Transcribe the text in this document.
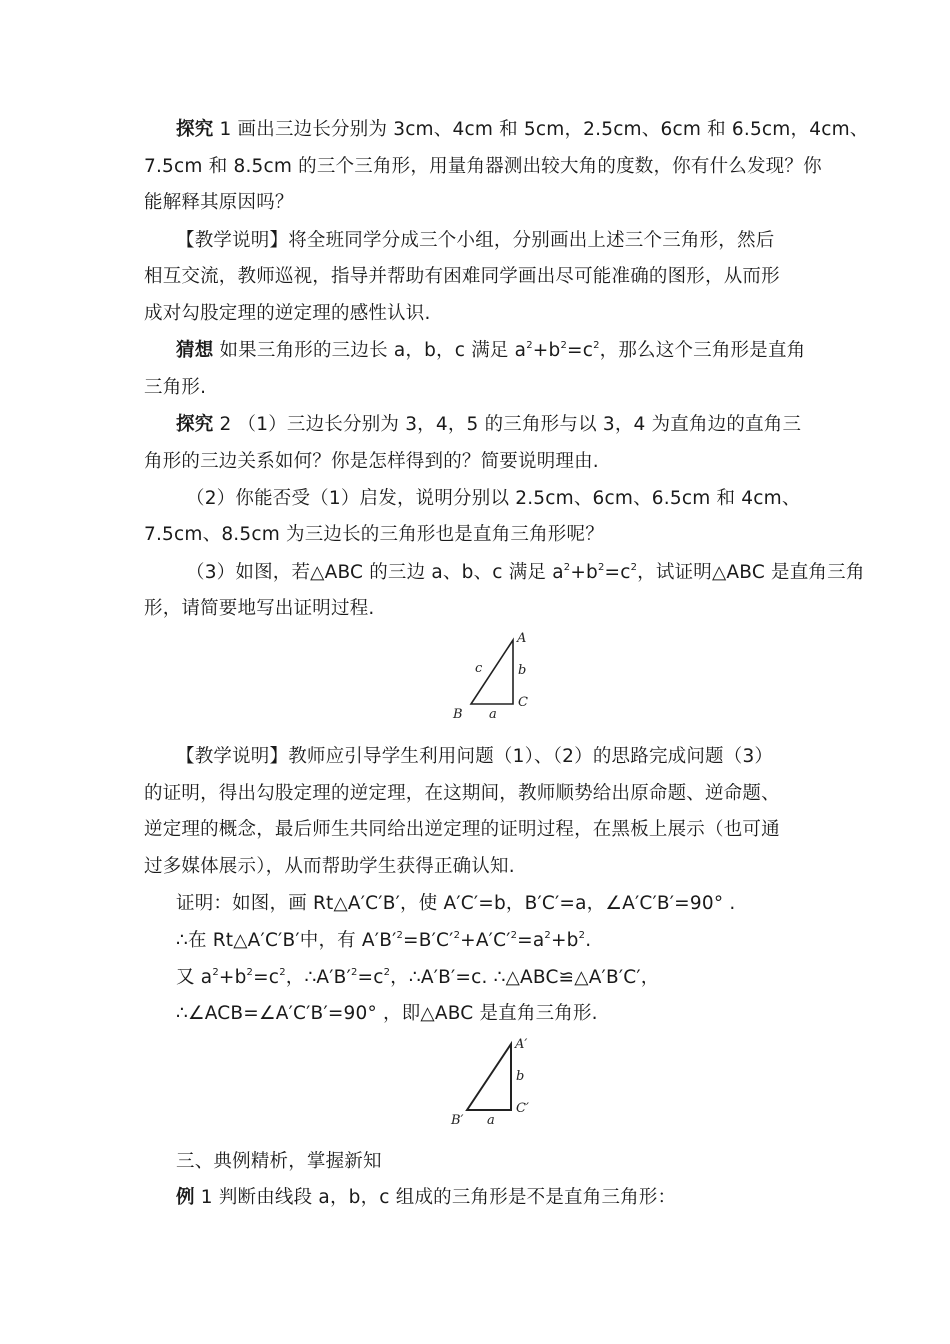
探究 1 画出三边长分别为 3cm、4cm 和 5cm，2.5cm、6cm 和 6.5cm，4cm、
7.5cm 和 8.5cm 的三个三角形，用量角器测出较大角的度数，你有什么发现？你
能解释其原因吗？
【教学说明】将全班同学分成三个小组，分别画出上述三个三角形，然后
相互交流，教师巡视，指导并帮助有困难同学画出尽可能准确的图形，从而形
成对勾股定理的逆定理的感性认识.
猜想 如果三角形的三边长 a，b，c 满足 $a^2+b^2=c^2$，那么这个三角形是直角
三角形.
探究 2 （1）三边长分别为 3，4，5 的三角形与以 3，4 为直角边的直角三
角形的三边关系如何？你是怎样得到的？简要说明理由.
（2）你能否受（1）启发，说明分别以 2.5cm、6cm、6.5cm 和 4cm、
7.5cm、8.5cm 为三边长的三角形也是直角三角形呢？
（3）如图，若△ABC 的三边 a、b、c 满足 $a^2+b^2=c^2$，试证明△ABC 是直角三角
形，请简要地写出证明过程.
A
b
c
C
B a
【教学说明】教师应引导学生利用问题（1）、（2）的思路完成问题（3）
的证明，得出勾股定理的逆定理，在这期间，教师顺势给出原命题、逆命题、
逆定理的概念，最后师生共同给出逆定理的证明过程，在黑板上展示（也可通
过多媒体展示），从而帮助学生获得正确认知.
证明：如图，画 Rt△A′C′B′，使 A′C′=b，B′C′=a，∠A′C′B′=90° .
∴在 Rt△A′C′B′中，有 $A'B'^2=B'C'^2+A'C'^2=a^2+b^2$.
又 $a^2+b^2=c^2$，$\therefore A'B'^2=c^2$，∴A′B′=c. ∴△ABC≌△A′B′C′，
∴∠ACB=∠A′C′B′=90° ，即△ABC 是直角三角形.
A′
b
C′
B′ a
三、典例精析，掌握新知
例 1 判断由线段 a，b，c 组成的三角形是不是直角三角形：
